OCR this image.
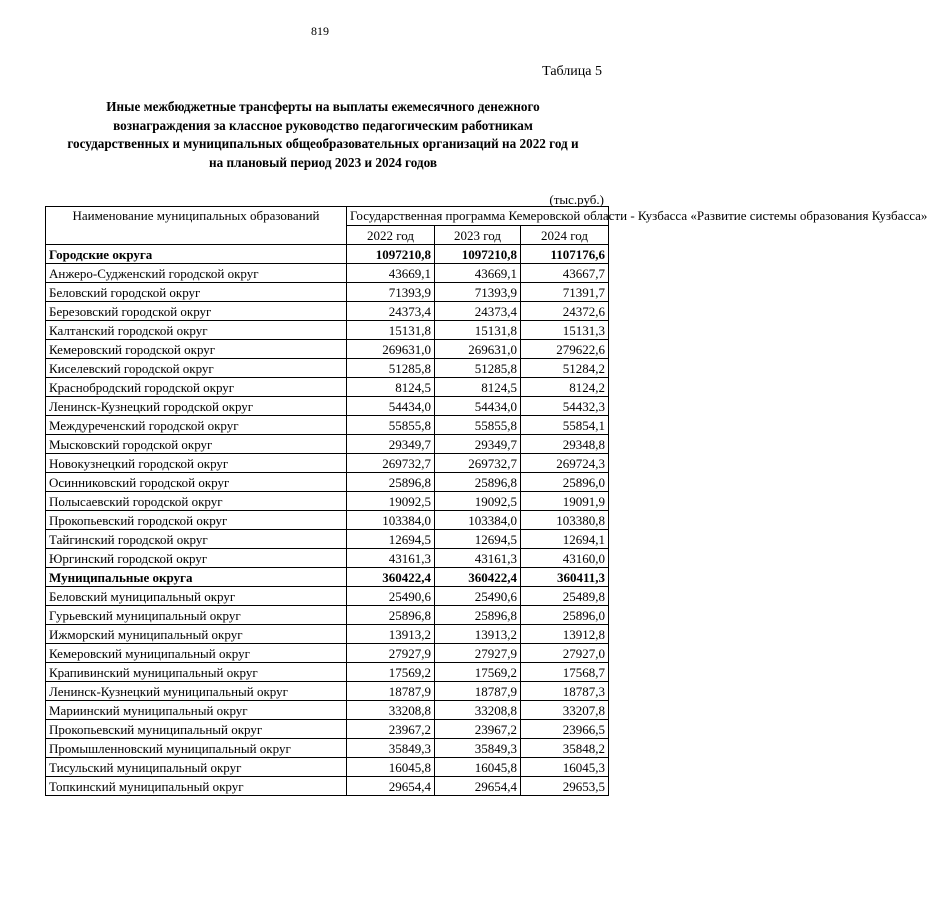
819
Таблица 5
Иные межбюджетные трансферты на выплаты ежемесячного денежного
вознаграждения за классное руководство педагогическим работникам
государственных и муниципальных общеобразовательных организаций на 2022 год и
на плановый период 2023 и 2024 годов
(тыс.руб.)
Наименование муниципальных образований	Государственная программа Кемеровской области - Кузбасса «Развитие системы образования Кузбасса»		
	2022 год	2023 год	2024 год
Городские округа	1097210,8	1097210,8	1107176,6
Анжеро-Судженский городской округ	43669,1	43669,1	43667,7
Беловский городской округ	71393,9	71393,9	71391,7
Березовский городской округ	24373,4	24373,4	24372,6
Калтанский городской округ	15131,8	15131,8	15131,3
Кемеровский городской округ	269631,0	269631,0	279622,6
Киселевский городской округ	51285,8	51285,8	51284,2
Краснобродский городской округ	8124,5	8124,5	8124,2
Ленинск-Кузнецкий городской округ	54434,0	54434,0	54432,3
Междуреченский городской округ	55855,8	55855,8	55854,1
Мысковский городской округ	29349,7	29349,7	29348,8
Новокузнецкий городской округ	269732,7	269732,7	269724,3
Осинниковский городской округ	25896,8	25896,8	25896,0
Полысаевский городской округ	19092,5	19092,5	19091,9
Прокопьевский городской округ	103384,0	103384,0	103380,8
Тайгинский городской округ	12694,5	12694,5	12694,1
Юргинский городской округ	43161,3	43161,3	43160,0
Муниципальные округа	360422,4	360422,4	360411,3
Беловский муниципальный округ	25490,6	25490,6	25489,8
Гурьевский муниципальный округ	25896,8	25896,8	25896,0
Ижморский муниципальный округ	13913,2	13913,2	13912,8
Кемеровский муниципальный округ	27927,9	27927,9	27927,0
Крапивинский муниципальный округ	17569,2	17569,2	17568,7
Ленинск-Кузнецкий муниципальный округ	18787,9	18787,9	18787,3
Мариинский муниципальный округ	33208,8	33208,8	33207,8
Прокопьевский муниципальный округ	23967,2	23967,2	23966,5
Промышленновский муниципальный округ	35849,3	35849,3	35848,2
Тисульский муниципальный округ	16045,8	16045,8	16045,3
Топкинский муниципальный округ	29654,4	29654,4	29653,5
